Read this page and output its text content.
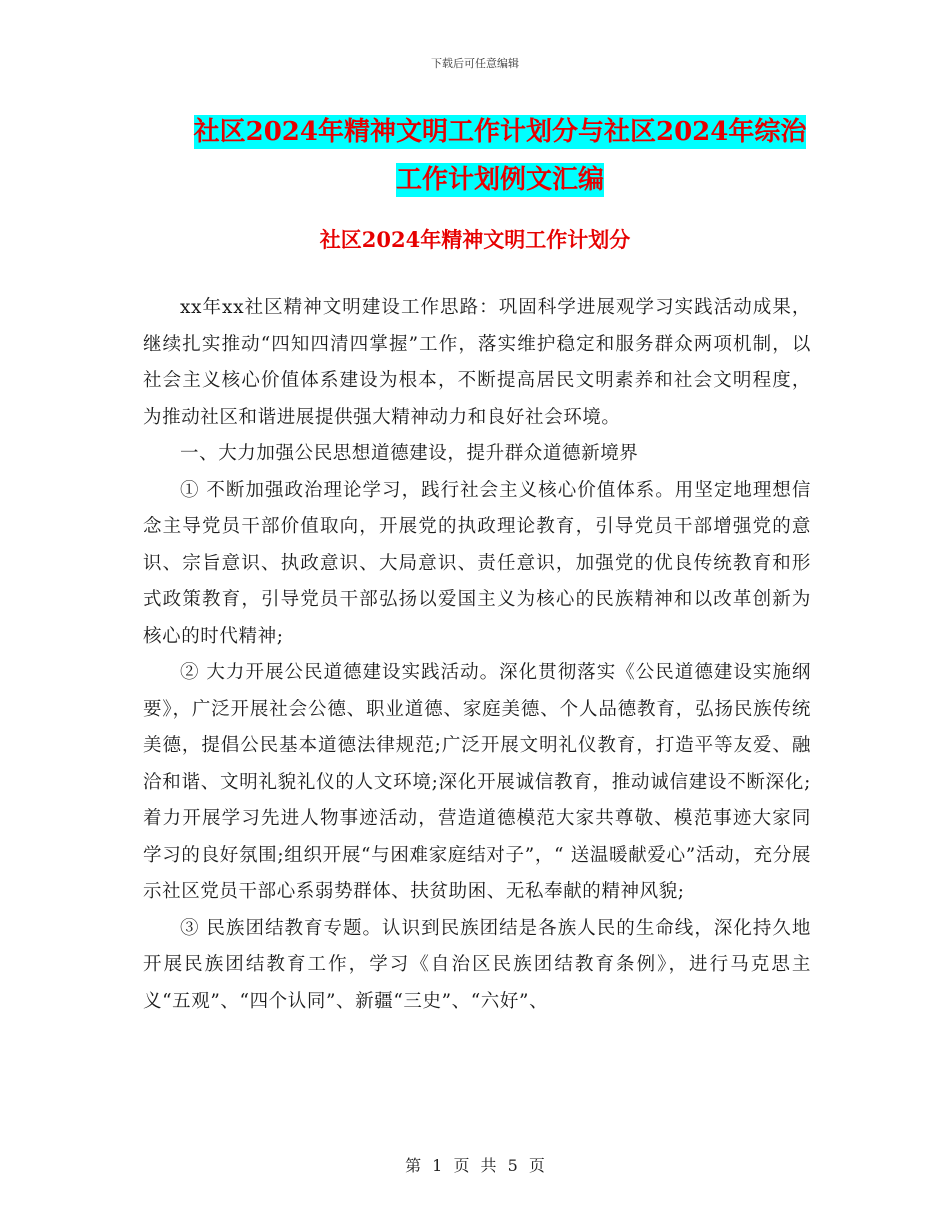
下载后可任意编辑
社区2024年精神文明工作计划分与社区2024年综治
工作计划例文汇编
社区2024年精神文明工作计划分

xx年xx社区精神文明建设工作思路：巩固科学进展观学习实践活动成果，继续扎实推动“四知四清四掌握”工作，落实维护稳定和服务群众两项机制，以社会主义核心价值体系建设为根本，不断提高居民文明素养和社会文明程度，为推动社区和谐进展提供强大精神动力和良好社会环境。

一、大力加强公民思想道德建设，提升群众道德新境界

① 不断加强政治理论学习，践行社会主义核心价值体系。用坚定地理想信念主导党员干部价值取向，开展党的执政理论教育，引导党员干部增强党的意识、宗旨意识、执政意识、大局意识、责任意识，加强党的优良传统教育和形式政策教育，引导党员干部弘扬以爱国主义为核心的民族精神和以改革创新为核心的时代精神;

② 大力开展公民道德建设实践活动。深化贯彻落实《公民道德建设实施纲要》，广泛开展社会公德、职业道德、家庭美德、个人品德教育，弘扬民族传统美德，提倡公民基本道德法律规范;广泛开展文明礼仪教育，打造平等友爱、融洽和谐、文明礼貌礼仪的人文环境;深化开展诚信教育，推动诚信建设不断深化;着力开展学习先进人物事迹活动，营造道德模范大家共尊敬、模范事迹大家同学习的良好氛围;组织开展“与困难家庭结对子”，“ 送温暖献爱心”活动，充分展示社区党员干部心系弱势群体、扶贫助困、无私奉献的精神风貌;

③ 民族团结教育专题。认识到民族团结是各族人民的生命线，深化持久地开展民族团结教育工作，学习《自治区民族团结教育条例》，进行马克思主义“五观”、“四个认同”、新疆“三史”、“六好”、

第 1 页 共 5 页
